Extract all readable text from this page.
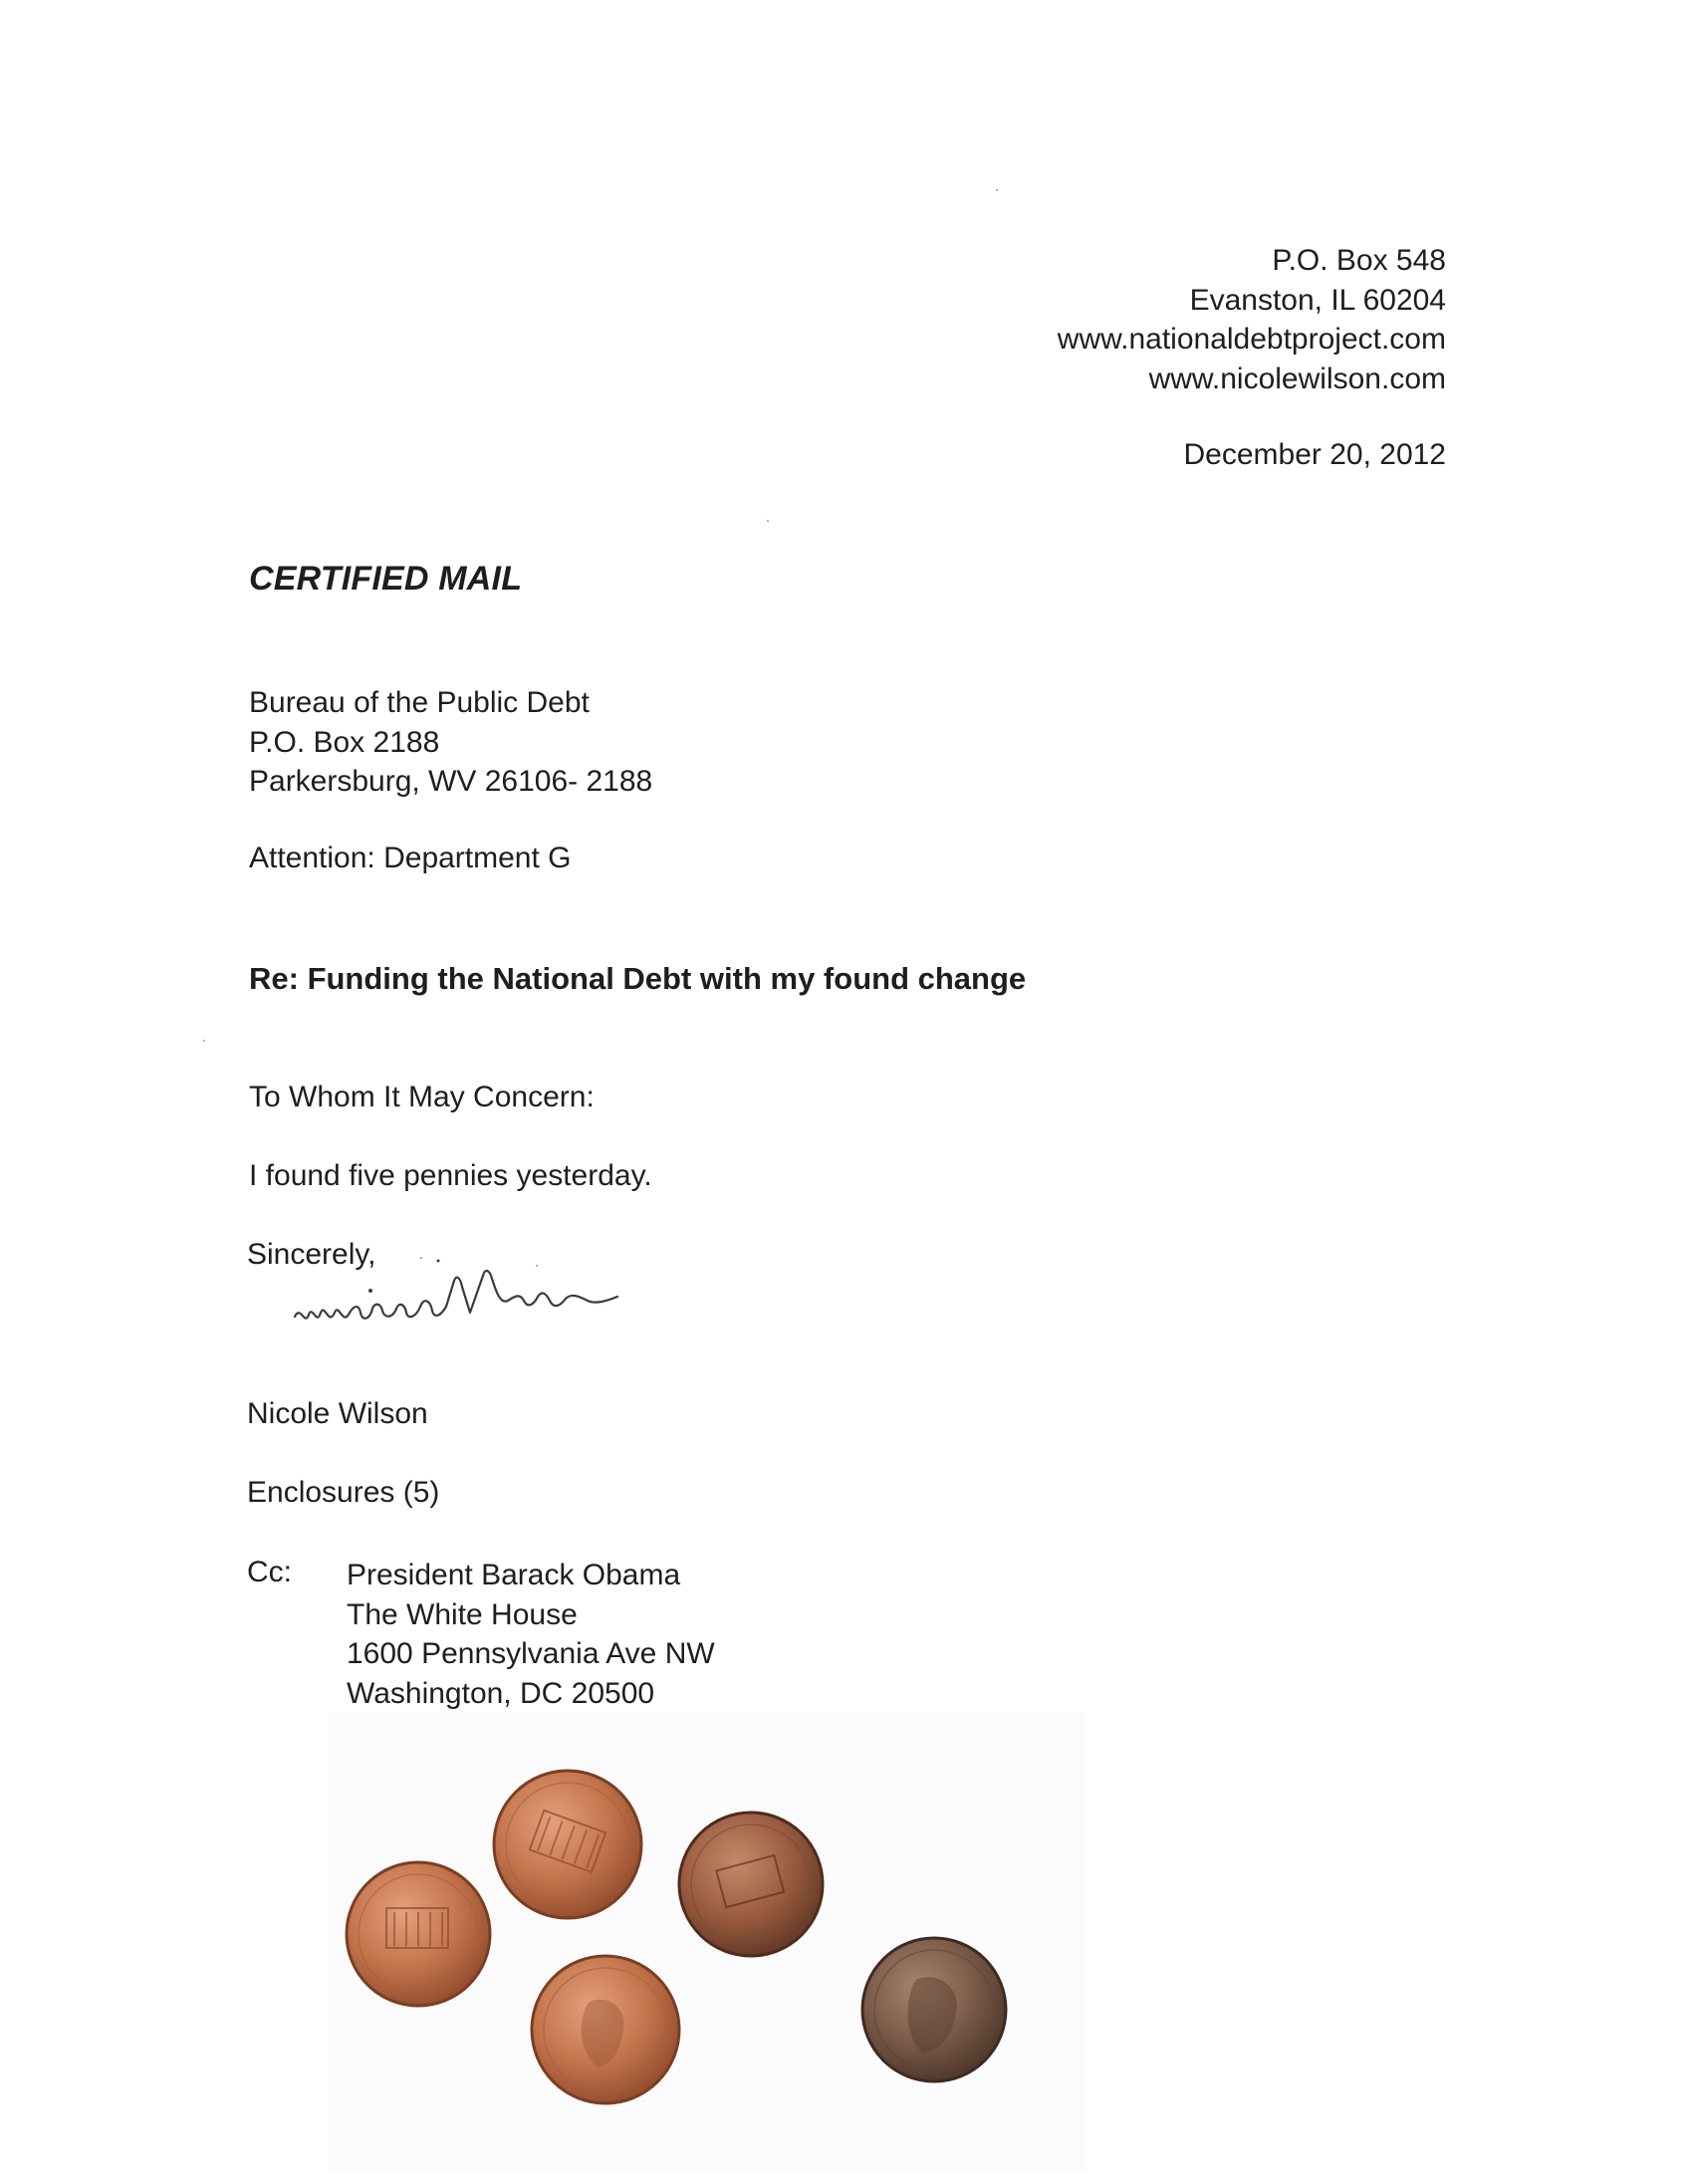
P.O. Box 548
Evanston, IL 60204
www.nationaldebtproject.com
www.nicolewilson.com
December 20, 2012
CERTIFIED MAIL
Bureau of the Public Debt
P.O. Box 2188
Parkersburg, WV 26106- 2188
Attention: Department G
Re: Funding the National Debt with my found change
To Whom It May Concern:
I found five pennies yesterday.
Sincerely,
Nicole Wilson
Enclosures (5)
Cc: President Barack Obama
The White House
1600 Pennsylvania Ave NW
Washington, DC 20500
